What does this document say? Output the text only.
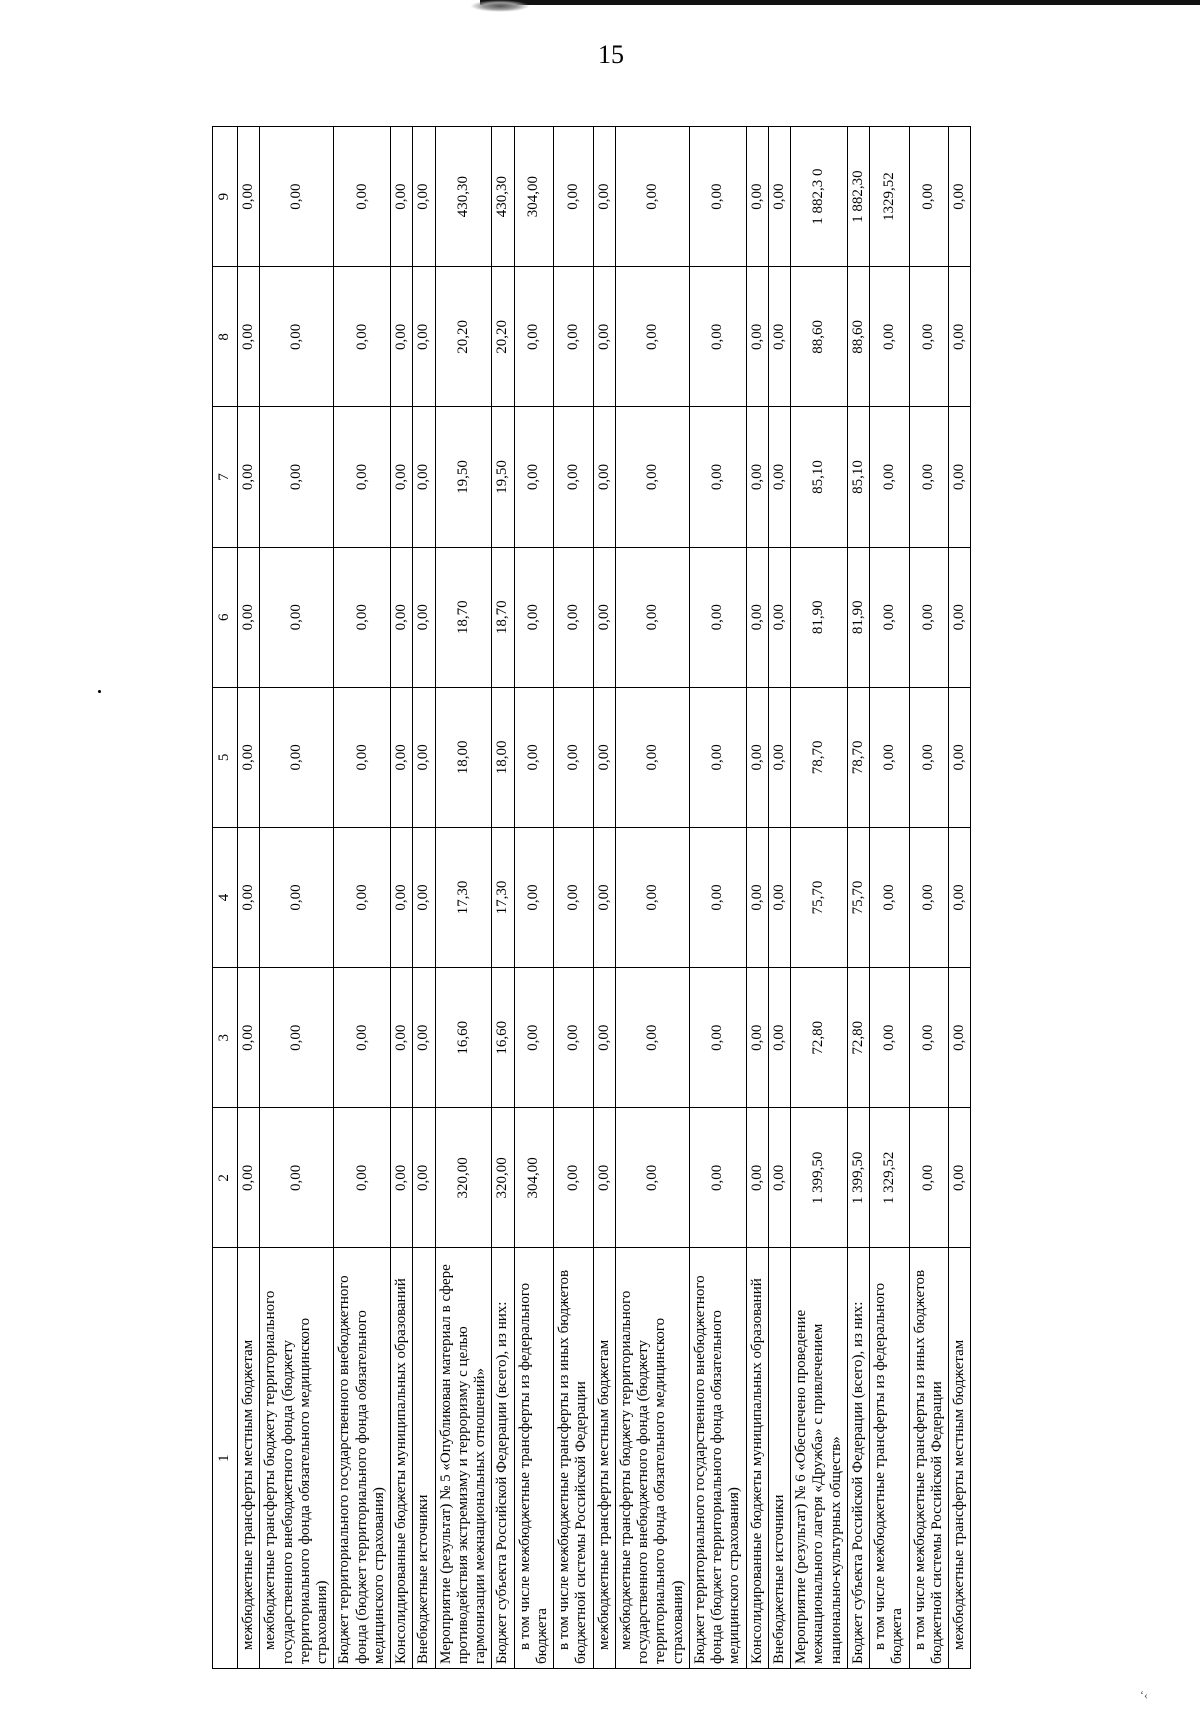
15
‘‹
1	2	3	4	5	6	7	8	9
межбюджетные трансферты местным бюджетам	0,00	0,00	0,00	0,00	0,00	0,00	0,00	0,00
межбюджетные трансферты бюджету территориального государственного внебюджетного фонда (бюджету территориального фонда обязательного медицинского страхования)	0,00	0,00	0,00	0,00	0,00	0,00	0,00	0,00
Бюджет территориального государственного внебюджетного фонда (бюджет территориального фонда обязательного медицинского страхования)	0,00	0,00	0,00	0,00	0,00	0,00	0,00	0,00
Консолидированные бюджеты муниципальных образований	0,00	0,00	0,00	0,00	0,00	0,00	0,00	0,00
Внебюджетные источники	0,00	0,00	0,00	0,00	0,00	0,00	0,00	0,00
Мероприятие (результат) № 5 «Опубликован материал в сфере противодействия экстремизму и терроризму с целью гармонизации межнациональных отношений»	320,00	16,60	17,30	18,00	18,70	19,50	20,20	430,30
Бюджет субъекта Российской Федерации (всего), из них:	320,00	16,60	17,30	18,00	18,70	19,50	20,20	430,30
в том числе межбюджетные трансферты из федерального бюджета	304,00	0,00	0,00	0,00	0,00	0,00	0,00	304,00
в том числе межбюджетные трансферты из иных бюджетов бюджетной системы Российской Федерации	0,00	0,00	0,00	0,00	0,00	0,00	0,00	0,00
межбюджетные трансферты местным бюджетам	0,00	0,00	0,00	0,00	0,00	0,00	0,00	0,00
межбюджетные трансферты бюджету территориального государственного внебюджетного фонда (бюджету территориального фонда обязательного медицинского страхования)	0,00	0,00	0,00	0,00	0,00	0,00	0,00	0,00
Бюджет территориального государственного внебюджетного фонда (бюджет территориального фонда обязательного медицинского страхования)	0,00	0,00	0,00	0,00	0,00	0,00	0,00	0,00
Консолидированные бюджеты муниципальных образований	0,00	0,00	0,00	0,00	0,00	0,00	0,00	0,00
Внебюджетные источники	0,00	0,00	0,00	0,00	0,00	0,00	0,00	0,00
Мероприятие (результат) № 6 «Обеспечено проведение межнационального лагеря «Дружба» с привлечением национально-культурных обществ»	1 399,50	72,80	75,70	78,70	81,90	85,10	88,60	1 882,3 0
Бюджет субъекта Российской Федерации (всего), из них:	1 399,50	72,80	75,70	78,70	81,90	85,10	88,60	1 882,30
в том числе межбюджетные трансферты из федерального бюджета	1 329,52	0,00	0,00	0,00	0,00	0,00	0,00	1329,52
в том числе межбюджетные трансферты из иных бюджетов бюджетной системы Российской Федерации	0,00	0,00	0,00	0,00	0,00	0,00	0,00	0,00
межбюджетные трансферты местным бюджетам	0,00	0,00	0,00	0,00	0,00	0,00	0,00	0,00
